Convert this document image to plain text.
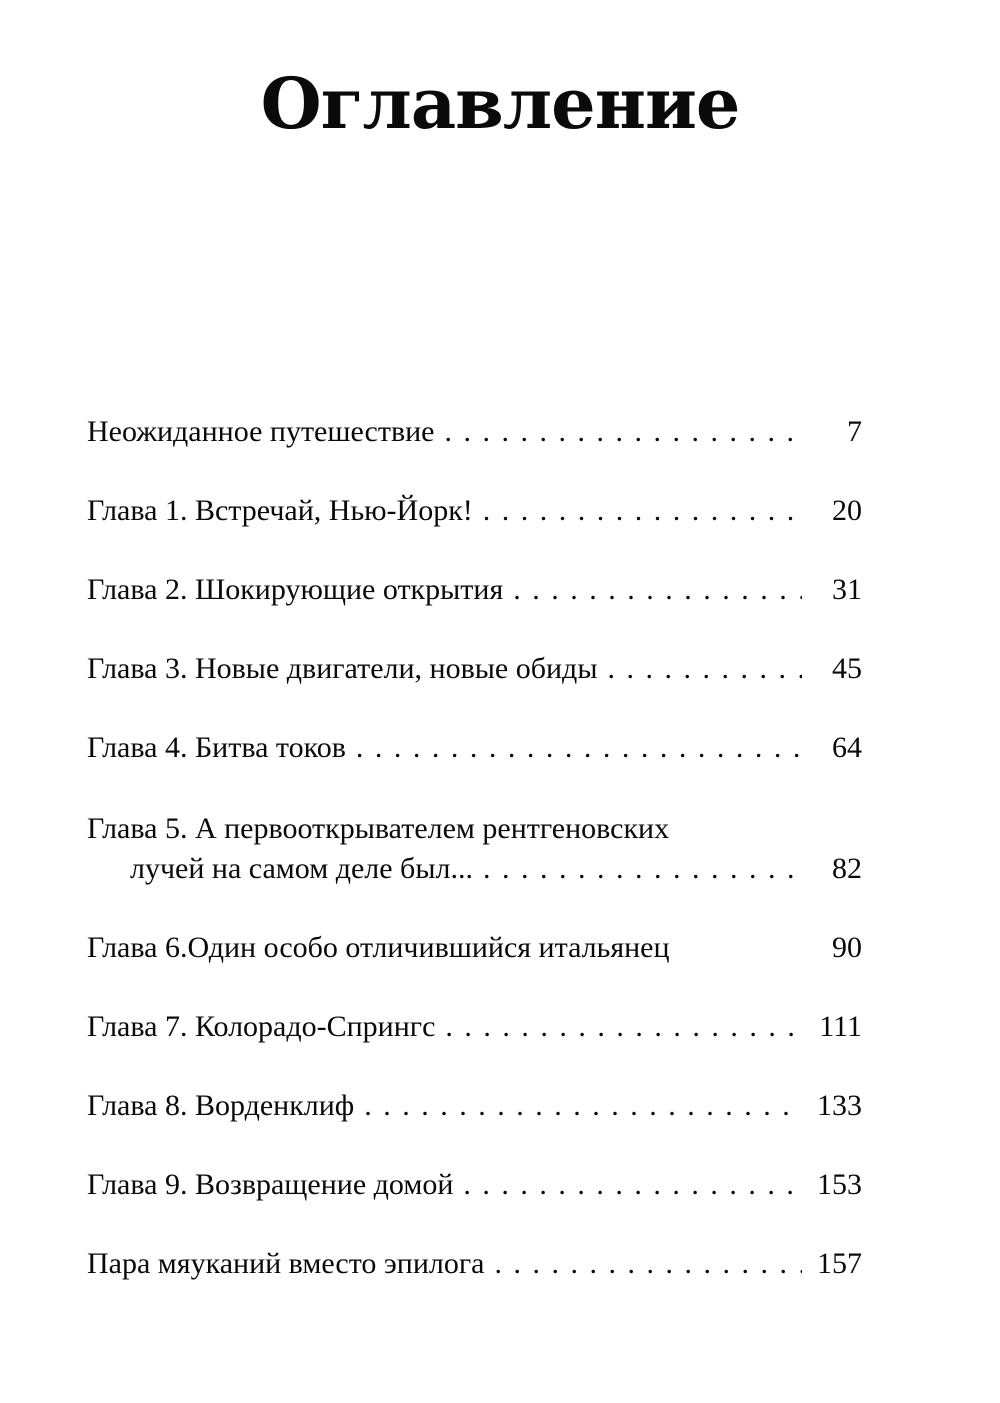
Оглавление
Неожиданное путешествие . . .	7
Глава 1. Встречай, Нью-Йорк! . . .	20
Глава 2. Шокирующие открытия . . .	31
Глава 3. Новые двигатели, новые обиды . . .	45
Глава 4. Битва токов . . .	64
Глава 5. А первооткрывателем рентгеновских
лучей на самом деле был... . . .	82
Глава 6.Один особо отличившийся итальянец	90
Глава 7. Колорадо-Спрингс . . .	111
Глава 8. Ворденклиф . . .	133
Глава 9. Возвращение домой . . .	153
Пара мяуканий вместо эпилога . . .	157
